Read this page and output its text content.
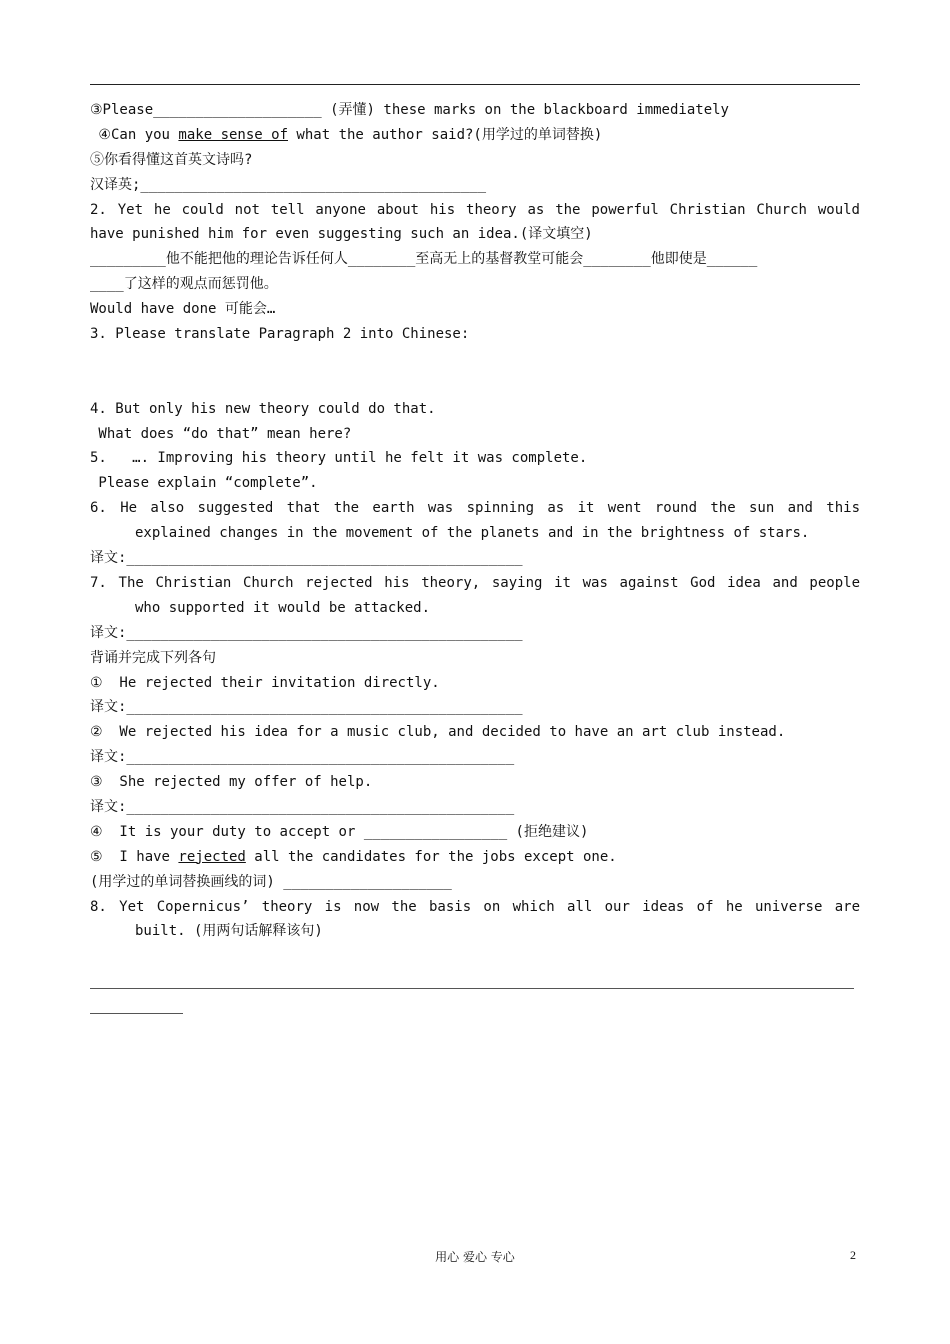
③Please____________________ (弄懂) these marks on the blackboard immediately
④Can you make sense of what the author said?(用学过的单词替换)
⑤你看得懂这首英文诗吗?
汉译英;_________________________________________
2. Yet he could not tell anyone about his theory as the powerful Christian Church would
have punished him for even suggesting such an idea.(译文填空)
_________他不能把他的理论告诉任何人________至高无上的基督教堂可能会________他即使是______
____了这样的观点而惩罚他。
Would have done 可能会…
3. Please translate Paragraph 2 into Chinese:
4. But only his new theory could do that.
What does “do that” mean here?
5.   …. Improving his theory until he felt it was complete.
Please explain “complete”.
6. He also suggested that the earth was spinning as it went round the sun and this
explained changes in the movement of the planets and in the brightness of stars.
译文:_______________________________________________
7. The Christian Church rejected his theory, saying it was against God idea and people
who supported it would be attacked.
译文:_______________________________________________
背诵并完成下列各句
①  He rejected their invitation directly.
译文:_______________________________________________
②  We rejected his idea for a music club, and decided to have an art club instead.
译文:______________________________________________
③  She rejected my offer of help.
译文:______________________________________________
④  It is your duty to accept or _________________ (拒绝建议)
⑤  I have rejected all the candidates for the jobs except one.
(用学过的单词替换画线的词) ____________________
8. Yet Copernicus’ theory is now the basis on which all our ideas of he universe are
built. (用两句话解释该句)
用心 爱心 专心	2
